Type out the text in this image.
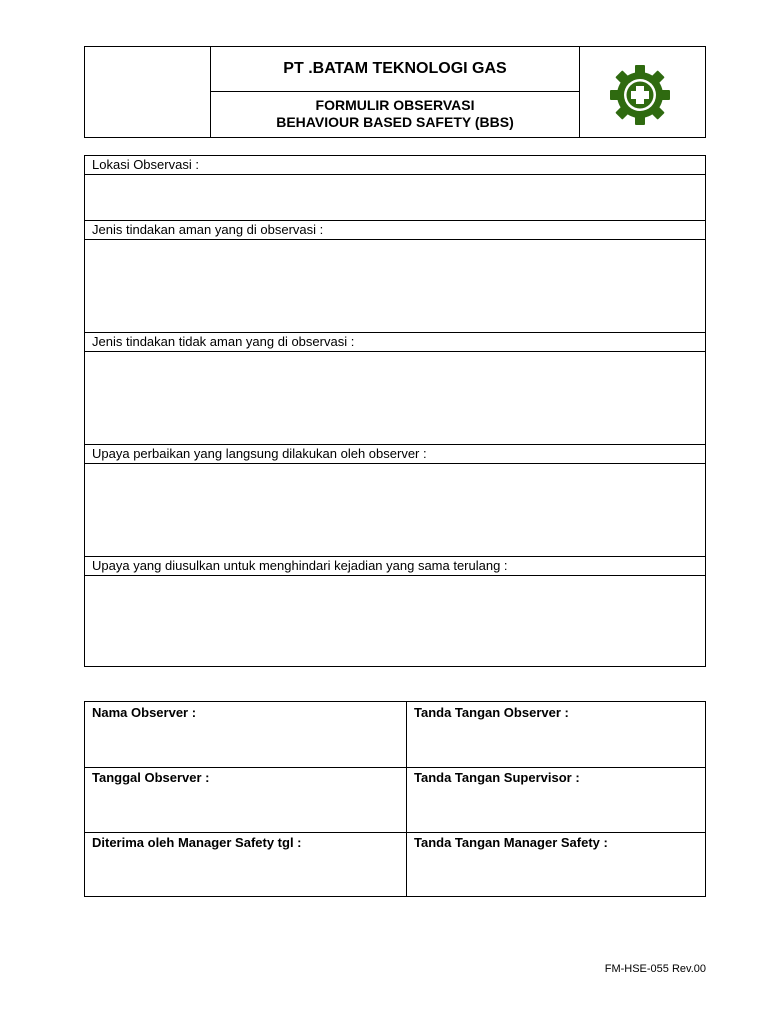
PT .BATAM TEKNOLOGI GAS
FORMULIR OBSERVASI
BEHAVIOUR BASED SAFETY (BBS)
Lokasi Observasi :
Jenis tindakan aman yang di observasi :
Jenis tindakan tidak aman yang di observasi :
Upaya perbaikan yang langsung dilakukan oleh observer :
Upaya yang diusulkan untuk menghindari kejadian yang sama terulang :
Nama Observer :	Tanda Tangan Observer :
Tanggal Observer :	Tanda Tangan Supervisor :
Diterima oleh Manager Safety tgl :	Tanda Tangan Manager Safety :
FM-HSE-055 Rev.00
